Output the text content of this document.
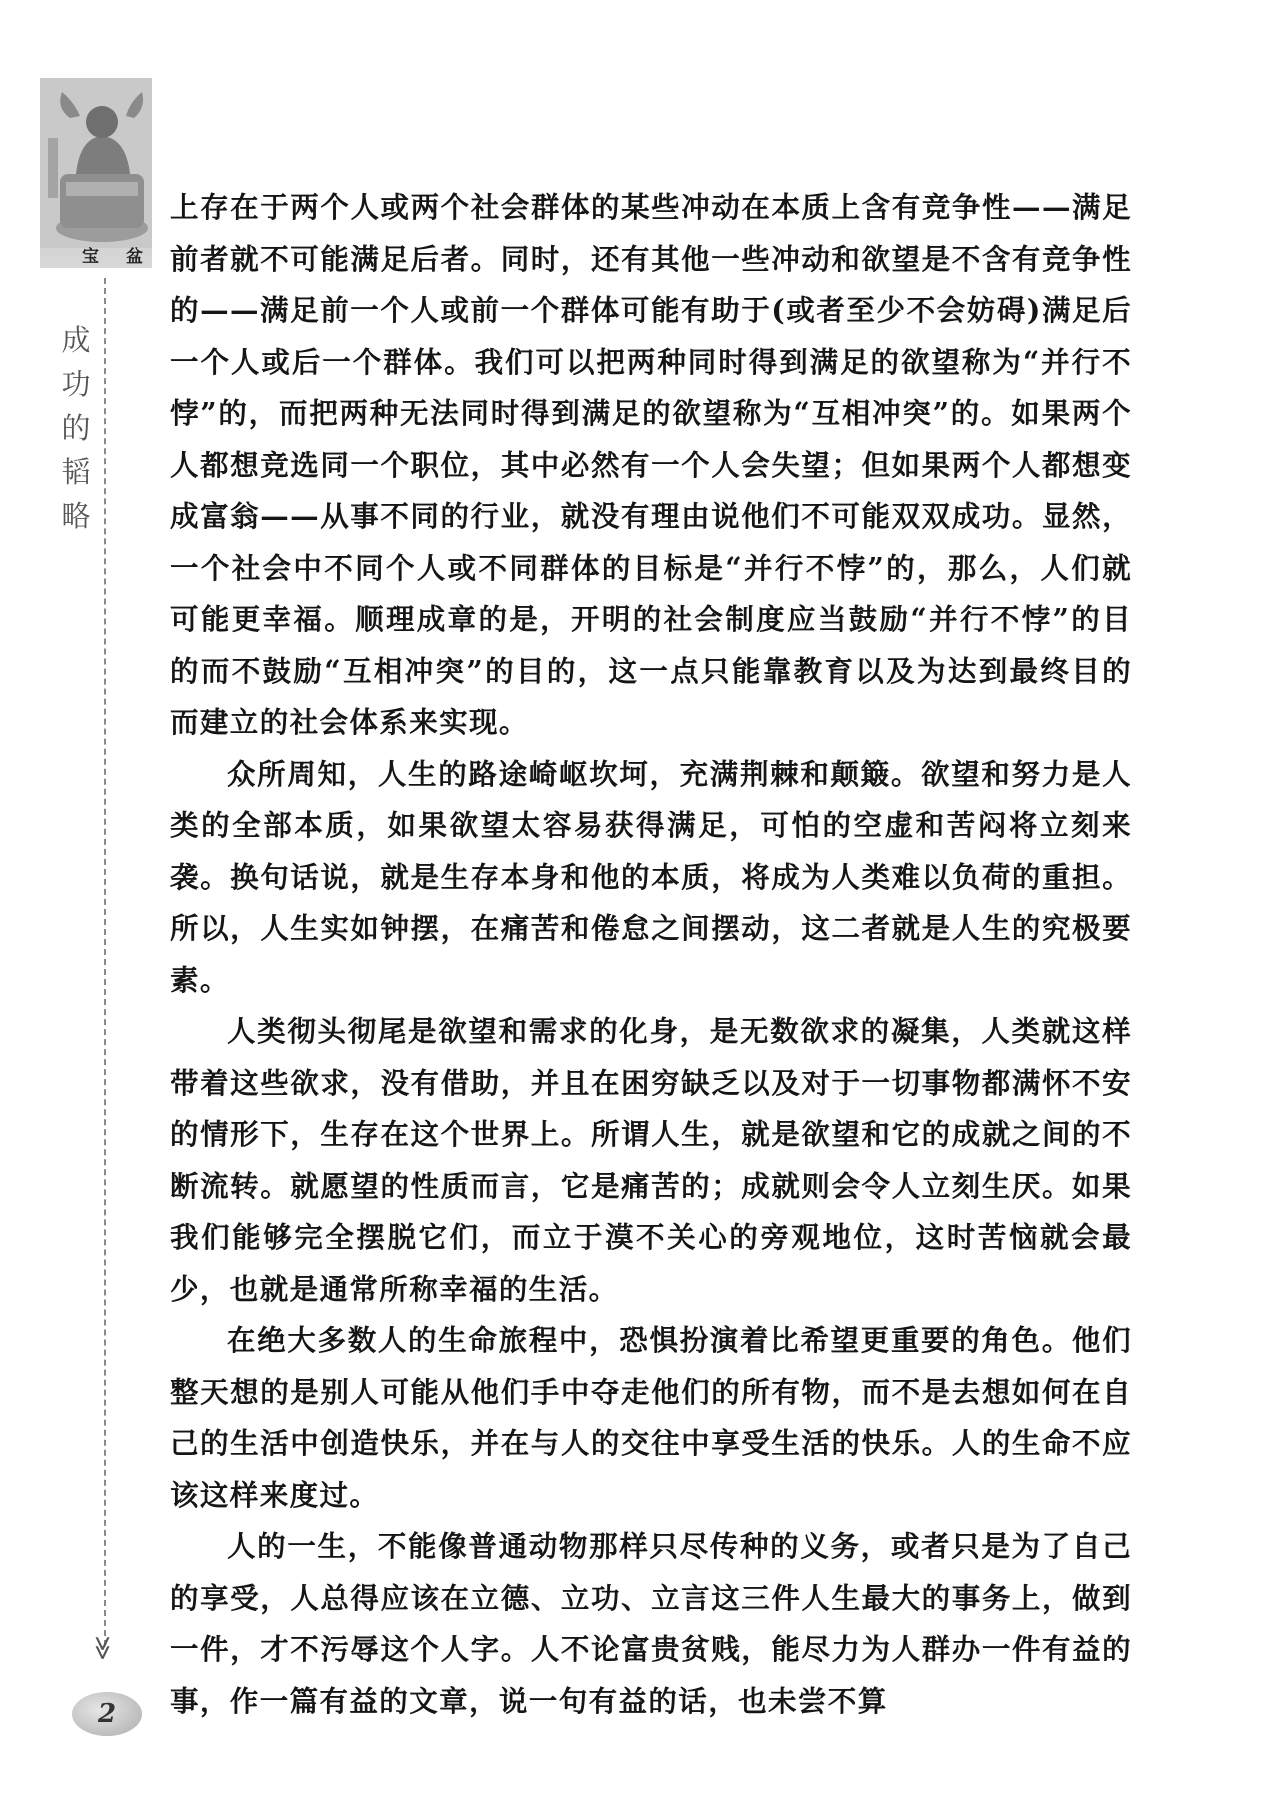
宝 盆
成
功
的
韬
略
≫
2

上存在于两个人或两个社会群体的某些冲动在本质上含有竞争性——满足前者就不可能满足后者。同时，还有其他一些冲动和欲望是不含有竞争性的——满足前一个人或前一个群体可能有助于(或者至少不会妨碍)满足后一个人或后一个群体。我们可以把两种同时得到满足的欲望称为“并行不悖”的，而把两种无法同时得到满足的欲望称为“互相冲突”的。如果两个人都想竞选同一个职位，其中必然有一个人会失望；但如果两个人都想变成富翁——从事不同的行业，就没有理由说他们不可能双双成功。显然，一个社会中不同个人或不同群体的目标是“并行不悖”的，那么，人们就可能更幸福。顺理成章的是，开明的社会制度应当鼓励“并行不悖”的目的而不鼓励“互相冲突”的目的，这一点只能靠教育以及为达到最终目的而建立的社会体系来实现。

众所周知，人生的路途崎岖坎坷，充满荆棘和颠簸。欲望和努力是人类的全部本质，如果欲望太容易获得满足，可怕的空虚和苦闷将立刻来袭。换句话说，就是生存本身和他的本质，将成为人类难以负荷的重担。所以，人生实如钟摆，在痛苦和倦怠之间摆动，这二者就是人生的究极要素。

人类彻头彻尾是欲望和需求的化身，是无数欲求的凝集，人类就这样带着这些欲求，没有借助，并且在困穷缺乏以及对于一切事物都满怀不安的情形下，生存在这个世界上。所谓人生，就是欲望和它的成就之间的不断流转。就愿望的性质而言，它是痛苦的；成就则会令人立刻生厌。如果我们能够完全摆脱它们，而立于漠不关心的旁观地位，这时苦恼就会最少，也就是通常所称幸福的生活。

在绝大多数人的生命旅程中，恐惧扮演着比希望更重要的角色。他们整天想的是别人可能从他们手中夺走他们的所有物，而不是去想如何在自己的生活中创造快乐，并在与人的交往中享受生活的快乐。人的生命不应该这样来度过。

人的一生，不能像普通动物那样只尽传种的义务，或者只是为了自己的享受，人总得应该在立德、立功、立言这三件人生最大的事务上，做到一件，才不污辱这个人字。人不论富贵贫贱，能尽力为人群办一件有益的事，作一篇有益的文章，说一句有益的话，也未尝不算
